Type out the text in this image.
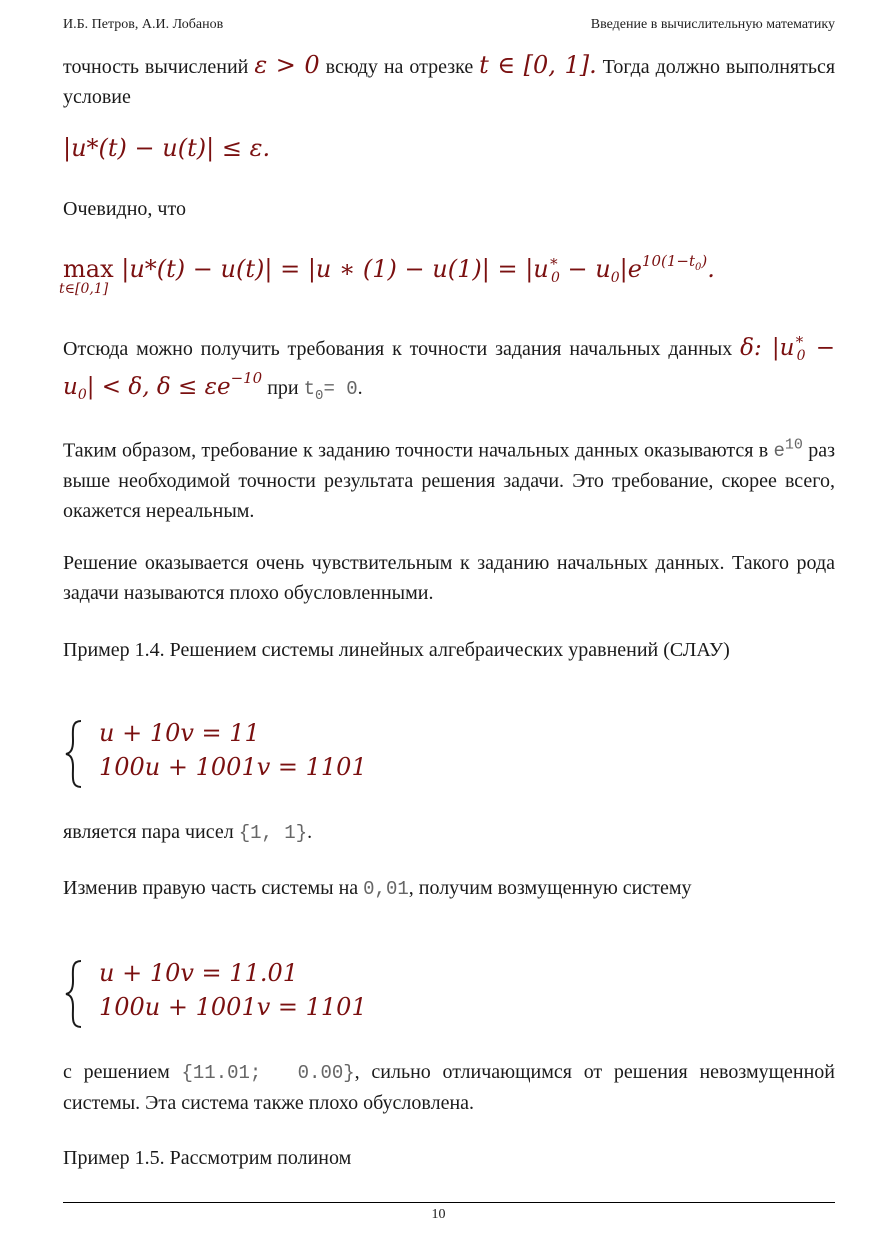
И.Б. Петров, А.И. Лобанов	Введение в вычислительную математику

точность вычислений ε > 0 всюду на отрезке t ∈ [0, 1]. Тогда должно выполняться условие

|u*(t) − u(t)| ≤ ε.

Очевидно, что

max
t∈[0,1]
|u*(t) − u(t)| = |u ∗ $(1) - u(1)| = |u^∗_0 - u_0|e^{10(1-t_0)}$.

Отсюда можно получить требования к точности задания начальных данных δ: $|u^∗_0 - u_0| < \delta$, $\delta \le \varepsilon e^{-10}$ при $t_0= 0$.

Таким образом, требование к заданию точности начальных данных оказываются в $e^{10}$ раз выше необходимой точности результата решения задачи. Это требование, скорее всего, окажется нереальным.

Решение оказывается очень чувствительным к заданию начальных данных. Такого рода задачи называются плохо обусловленными.

Пример 1.4. Решением системы линейных алгебраических уравнений (СЛАУ)

u + 10v = 11
100u + 1001v = 1101

является пара чисел {1, 1}.

Изменив правую часть системы на 0,01, получим возмущенную систему

u + 10v = 11.01
100u + 1001v = 1101

с решением {11.01;  0.00}, сильно отличающимся от решения невозмущенной системы. Эта система также плохо обусловлена.

Пример 1.5. Рассмотрим полином

10
